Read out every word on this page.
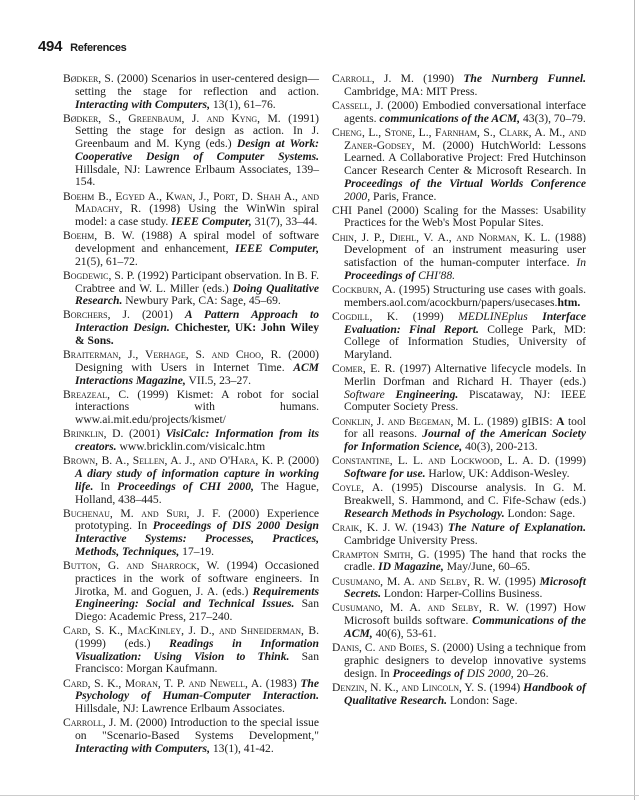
494 References
Bødker, S. (2000) Scenarios in user-centered design—setting the stage for reflection and action. Interacting with Computers, 13(1), 61–76.
Bødker, S., Greenbaum, J. and Kyng, M. (1991) Setting the stage for design as action. In J. Greenbaum and M. Kyng (eds.) Design at Work: Cooperative Design of Computer Systems. Hillsdale, NJ: Lawrence Erlbaum Associates, 139–154.
Boehm B., Egyed A., Kwan, J., Port, D. Shah A., and Madachy, R. (1998) Using the WinWin spiral model: a case study. IEEE Computer, 31(7), 33–44.
Boehm, B. W. (1988) A spiral model of software development and enhancement, IEEE Computer, 21(5), 61–72.
Bogdewic, S. P. (1992) Participant observation. In B. F. Crabtree and W. L. Miller (eds.) Doing Qualitative Research. Newbury Park, CA: Sage, 45–69.
Borchers, J. (2001) A Pattern Approach to Interaction Design. Chichester, UK: John Wiley & Sons.
Braiterman, J., Verhage, S. and Choo, R. (2000) Designing with Users in Internet Time. ACM Interactions Magazine, VII.5, 23–27.
Breazeal, C. (1999) Kismet: A robot for social interactions with humans. www.ai.mit.edu/projects/kismet/
Brinklin, D. (2001) VisiCalc: Information from its creators. www.bricklin.com/visicalc.htm
Brown, B. A., Sellen, A. J., and O'Hara, K. P. (2000) A diary study of information capture in working life. In Proceedings of CHI 2000, The Hague, Holland, 438–445.
Buchenau, M. and Suri, J. F. (2000) Experience prototyping. In Proceedings of DIS 2000 Design Interactive Systems: Processes, Practices, Methods, Techniques, 17–19.
Button, G. and Sharrock, W. (1994) Occasioned practices in the work of software engineers. In Jirotka, M. and Goguen, J. A. (eds.) Requirements Engineering: Social and Technical Issues. San Diego: Academic Press, 217–240.
Card, S. K., MacKinley, J. D., and Shneiderman, B. (1999) (eds.) Readings in Information Visualization: Using Vision to Think. San Francisco: Morgan Kaufmann.
Card, S. K., Moran, T. P. and Newell, A. (1983) The Psychology of Human-Computer Interaction. Hillsdale, NJ: Lawrence Erlbaum Associates.
Carroll, J. M. (2000) Introduction to the special issue on "Scenario-Based Systems Development," Interacting with Computers, 13(1), 41-42.
Carroll, J. M. (1990) The Nurnberg Funnel. Cambridge, MA: MIT Press.
Cassell, J. (2000) Embodied conversational interface agents. communications of the ACM, 43(3), 70–79.
Cheng, L., Stone, L., Farnham, S., Clark, A. M., and Zaner-Godsey, M. (2000) HutchWorld: Lessons Learned. A Collaborative Project: Fred Hutchinson Cancer Research Center & Microsoft Research. In Proceedings of the Virtual Worlds Conference 2000, Paris, France.
CHI Panel (2000) Scaling for the Masses: Usability Practices for the Web's Most Popular Sites.
Chin, J. P., Diehl, V. A., and Norman, K. L. (1988) Development of an instrument measuring user satisfaction of the human-computer interface. In Proceedings of CHI'88.
Cockburn, A. (1995) Structuring use cases with goals. members.aol.com/acockburn/papers/usecases.htm.
Cogdill, K. (1999) MEDLINEplus Interface Evaluation: Final Report. College Park, MD: College of Information Studies, University of Maryland.
Comer, E. R. (1997) Alternative lifecycle models. In Merlin Dorfman and Richard H. Thayer (eds.) Software Engineering. Piscataway, NJ: IEEE Computer Society Press.
Conklin, J. and Begeman, M. L. (1989) gIBIS: A tool for all reasons. Journal of the American Society for Information Science, 40(3), 200-213.
Constantine, L. L. and Lockwood, L. A. D. (1999) Software for use. Harlow, UK: Addison-Wesley.
Coyle, A. (1995) Discourse analysis. In G. M. Breakwell, S. Hammond, and C. Fife-Schaw (eds.) Research Methods in Psychology. London: Sage.
Craik, K. J. W. (1943) The Nature of Explanation. Cambridge University Press.
Crampton Smith, G. (1995) The hand that rocks the cradle. ID Magazine, May/June, 60–65.
Cusumano, M. A. and Selby, R. W. (1995) Microsoft Secrets. London: Harper-Collins Business.
Cusumano, M. A. and Selby, R. W. (1997) How Microsoft builds software. Communications of the ACM, 40(6), 53-61.
Danis, C. and Boies, S. (2000) Using a technique from graphic designers to develop innovative systems design. In Proceedings of DIS 2000, 20–26.
Denzin, N. K., and Lincoln, Y. S. (1994) Handbook of Qualitative Research. London: Sage.
